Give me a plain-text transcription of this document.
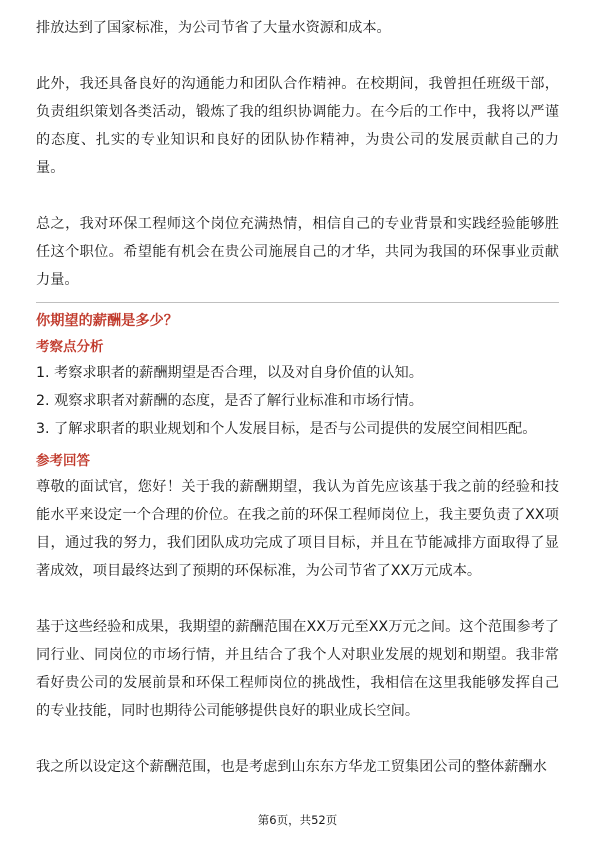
排放达到了国家标准，为公司节省了大量水资源和成本。

此外，我还具备良好的沟通能力和团队合作精神。在校期间，我曾担任班级干部，负责组织策划各类活动，锻炼了我的组织协调能力。在今后的工作中，我将以严谨的态度、扎实的专业知识和良好的团队协作精神，为贵公司的发展贡献自己的力量。

总之，我对环保工程师这个岗位充满热情，相信自己的专业背景和实践经验能够胜任这个职位。希望能有机会在贵公司施展自己的才华，共同为我国的环保事业贡献力量。

你期望的薪酬是多少？
考察点分析
1. 考察求职者的薪酬期望是否合理，以及对自身价值的认知。
2. 观察求职者对薪酬的态度，是否了解行业标准和市场行情。
3. 了解求职者的职业规划和个人发展目标，是否与公司提供的发展空间相匹配。
参考回答

尊敬的面试官，您好！关于我的薪酬期望，我认为首先应该基于我之前的经验和技能水平来设定一个合理的价位。在我之前的环保工程师岗位上，我主要负责了XX项目，通过我的努力，我们团队成功完成了项目目标，并且在节能减排方面取得了显著成效，项目最终达到了预期的环保标准，为公司节省了XX万元成本。

基于这些经验和成果，我期望的薪酬范围在XX万元至XX万元之间。这个范围参考了同行业、同岗位的市场行情，并且结合了我个人对职业发展的规划和期望。我非常看好贵公司的发展前景和环保工程师岗位的挑战性，我相信在这里我能够发挥自己的专业技能，同时也期待公司能够提供良好的职业成长空间。

我之所以设定这个薪酬范围，也是考虑到山东东方华龙工贸集团公司的整体薪酬水

第6页，共52页
